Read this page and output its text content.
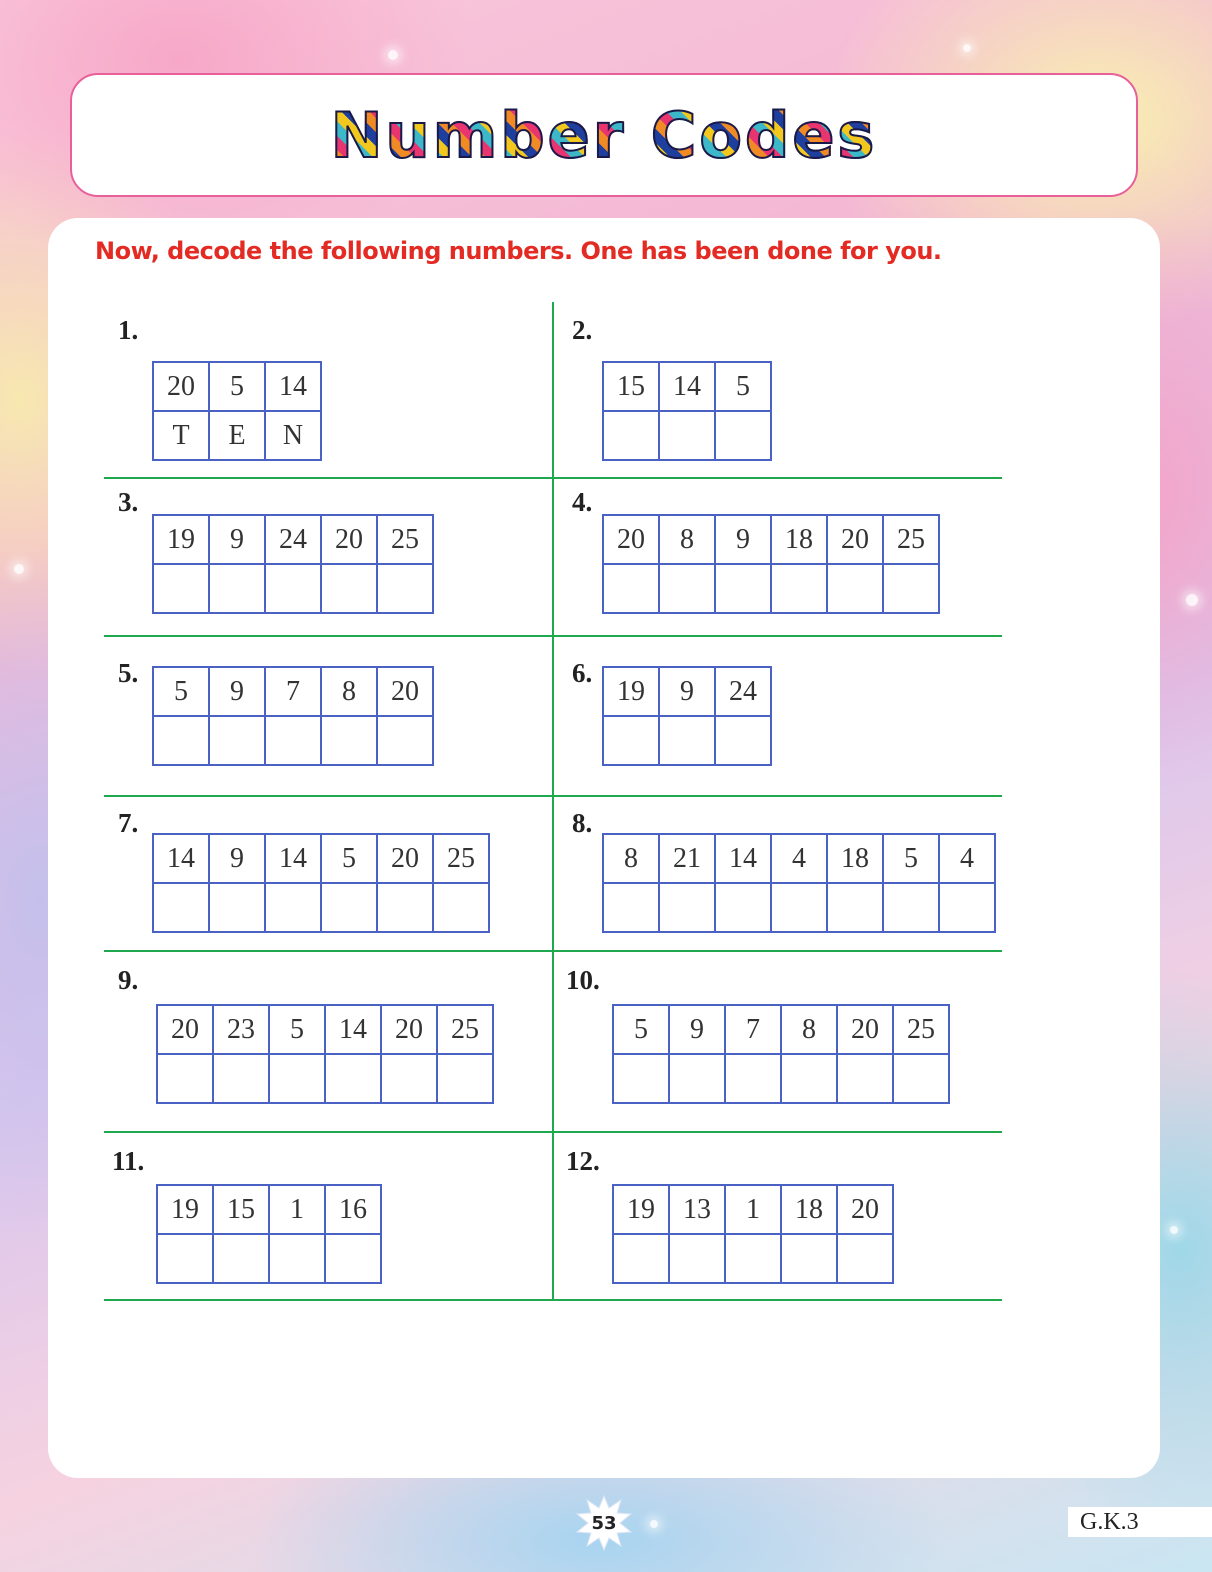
Number Codes
Now, decode the following numbers. One has been done for you.
1.
20	5	14
T	E	N
2.
15	14	5
3.
19	9	24	20	25
4.
20	8	9	18	20	25
5.
5	9	7	8	20
6.
19	9	24
7.
14	9	14	5	20	25
8.
8	21	14	4	18	5	4
9.
20	23	5	14	20	25
10.
5	9	7	8	20	25
11.
19	15	1	16
12.
19	13	1	18	20
53	G.K.3
